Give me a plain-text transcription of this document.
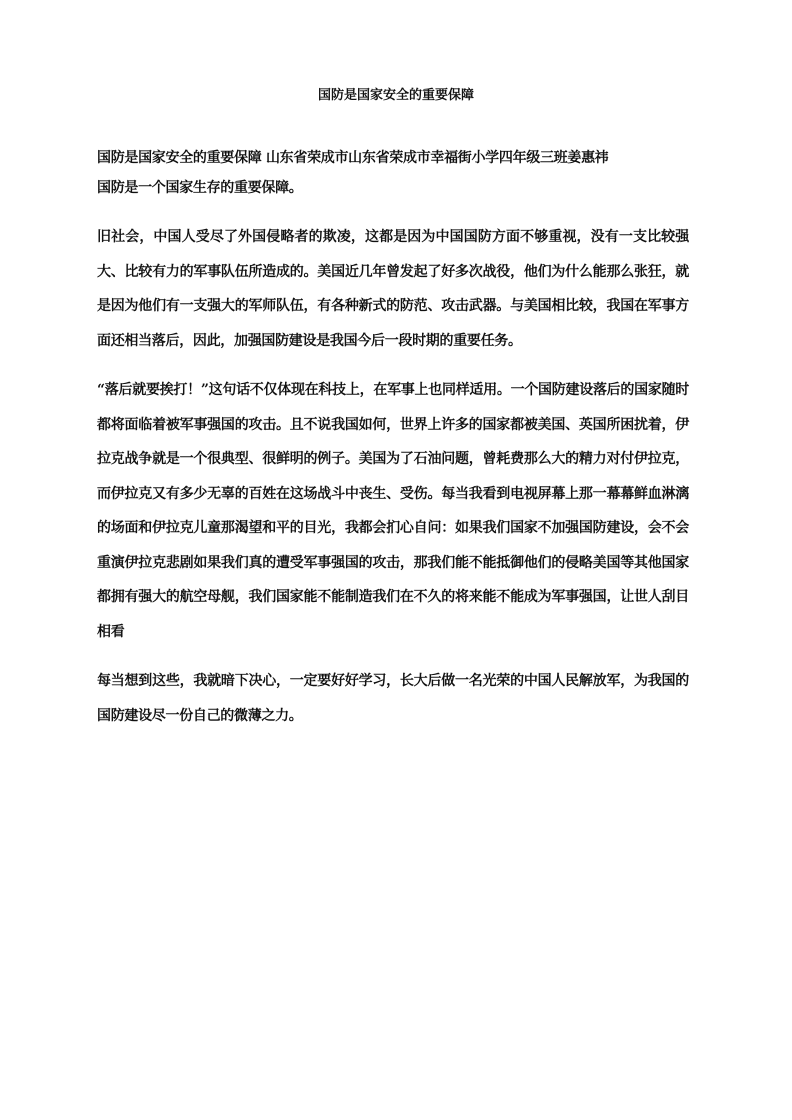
国防是国家安全的重要保障

国防是国家安全的重要保障 山东省荣成市山东省荣成市幸福街小学四年级三班姜惠祎

国防是一个国家生存的重要保障。

旧社会，中国人受尽了外国侵略者的欺凌，这都是因为中国国防方面不够重视，没有一支比较强大、比较有力的军事队伍所造成的。美国近几年曾发起了好多次战役，他们为什么能那么张狂，就是因为他们有一支强大的军师队伍，有各种新式的防范、攻击武器。与美国相比较，我国在军事方面还相当落后，因此，加强国防建设是我国今后一段时期的重要任务。

“落后就要挨打！”这句话不仅体现在科技上，在军事上也同样适用。一个国防建设落后的国家随时都将面临着被军事强国的攻击。且不说我国如何，世界上许多的国家都被美国、英国所困扰着，伊拉克战争就是一个很典型、很鲜明的例子。美国为了石油问题，曾耗费那么大的精力对付伊拉克，而伊拉克又有多少无辜的百姓在这场战斗中丧生、受伤。每当我看到电视屏幕上那一幕幕鲜血淋漓的场面和伊拉克儿童那渴望和平的目光，我都会扪心自问：如果我们国家不加强国防建设，会不会重演伊拉克悲剧如果我们真的遭受军事强国的攻击，那我们能不能抵御他们的侵略美国等其他国家都拥有强大的航空母舰，我们国家能不能制造我们在不久的将来能不能成为军事强国，让世人刮目相看

每当想到这些，我就暗下决心，一定要好好学习，长大后做一名光荣的中国人民解放军，为我国的国防建设尽一份自己的微薄之力。
